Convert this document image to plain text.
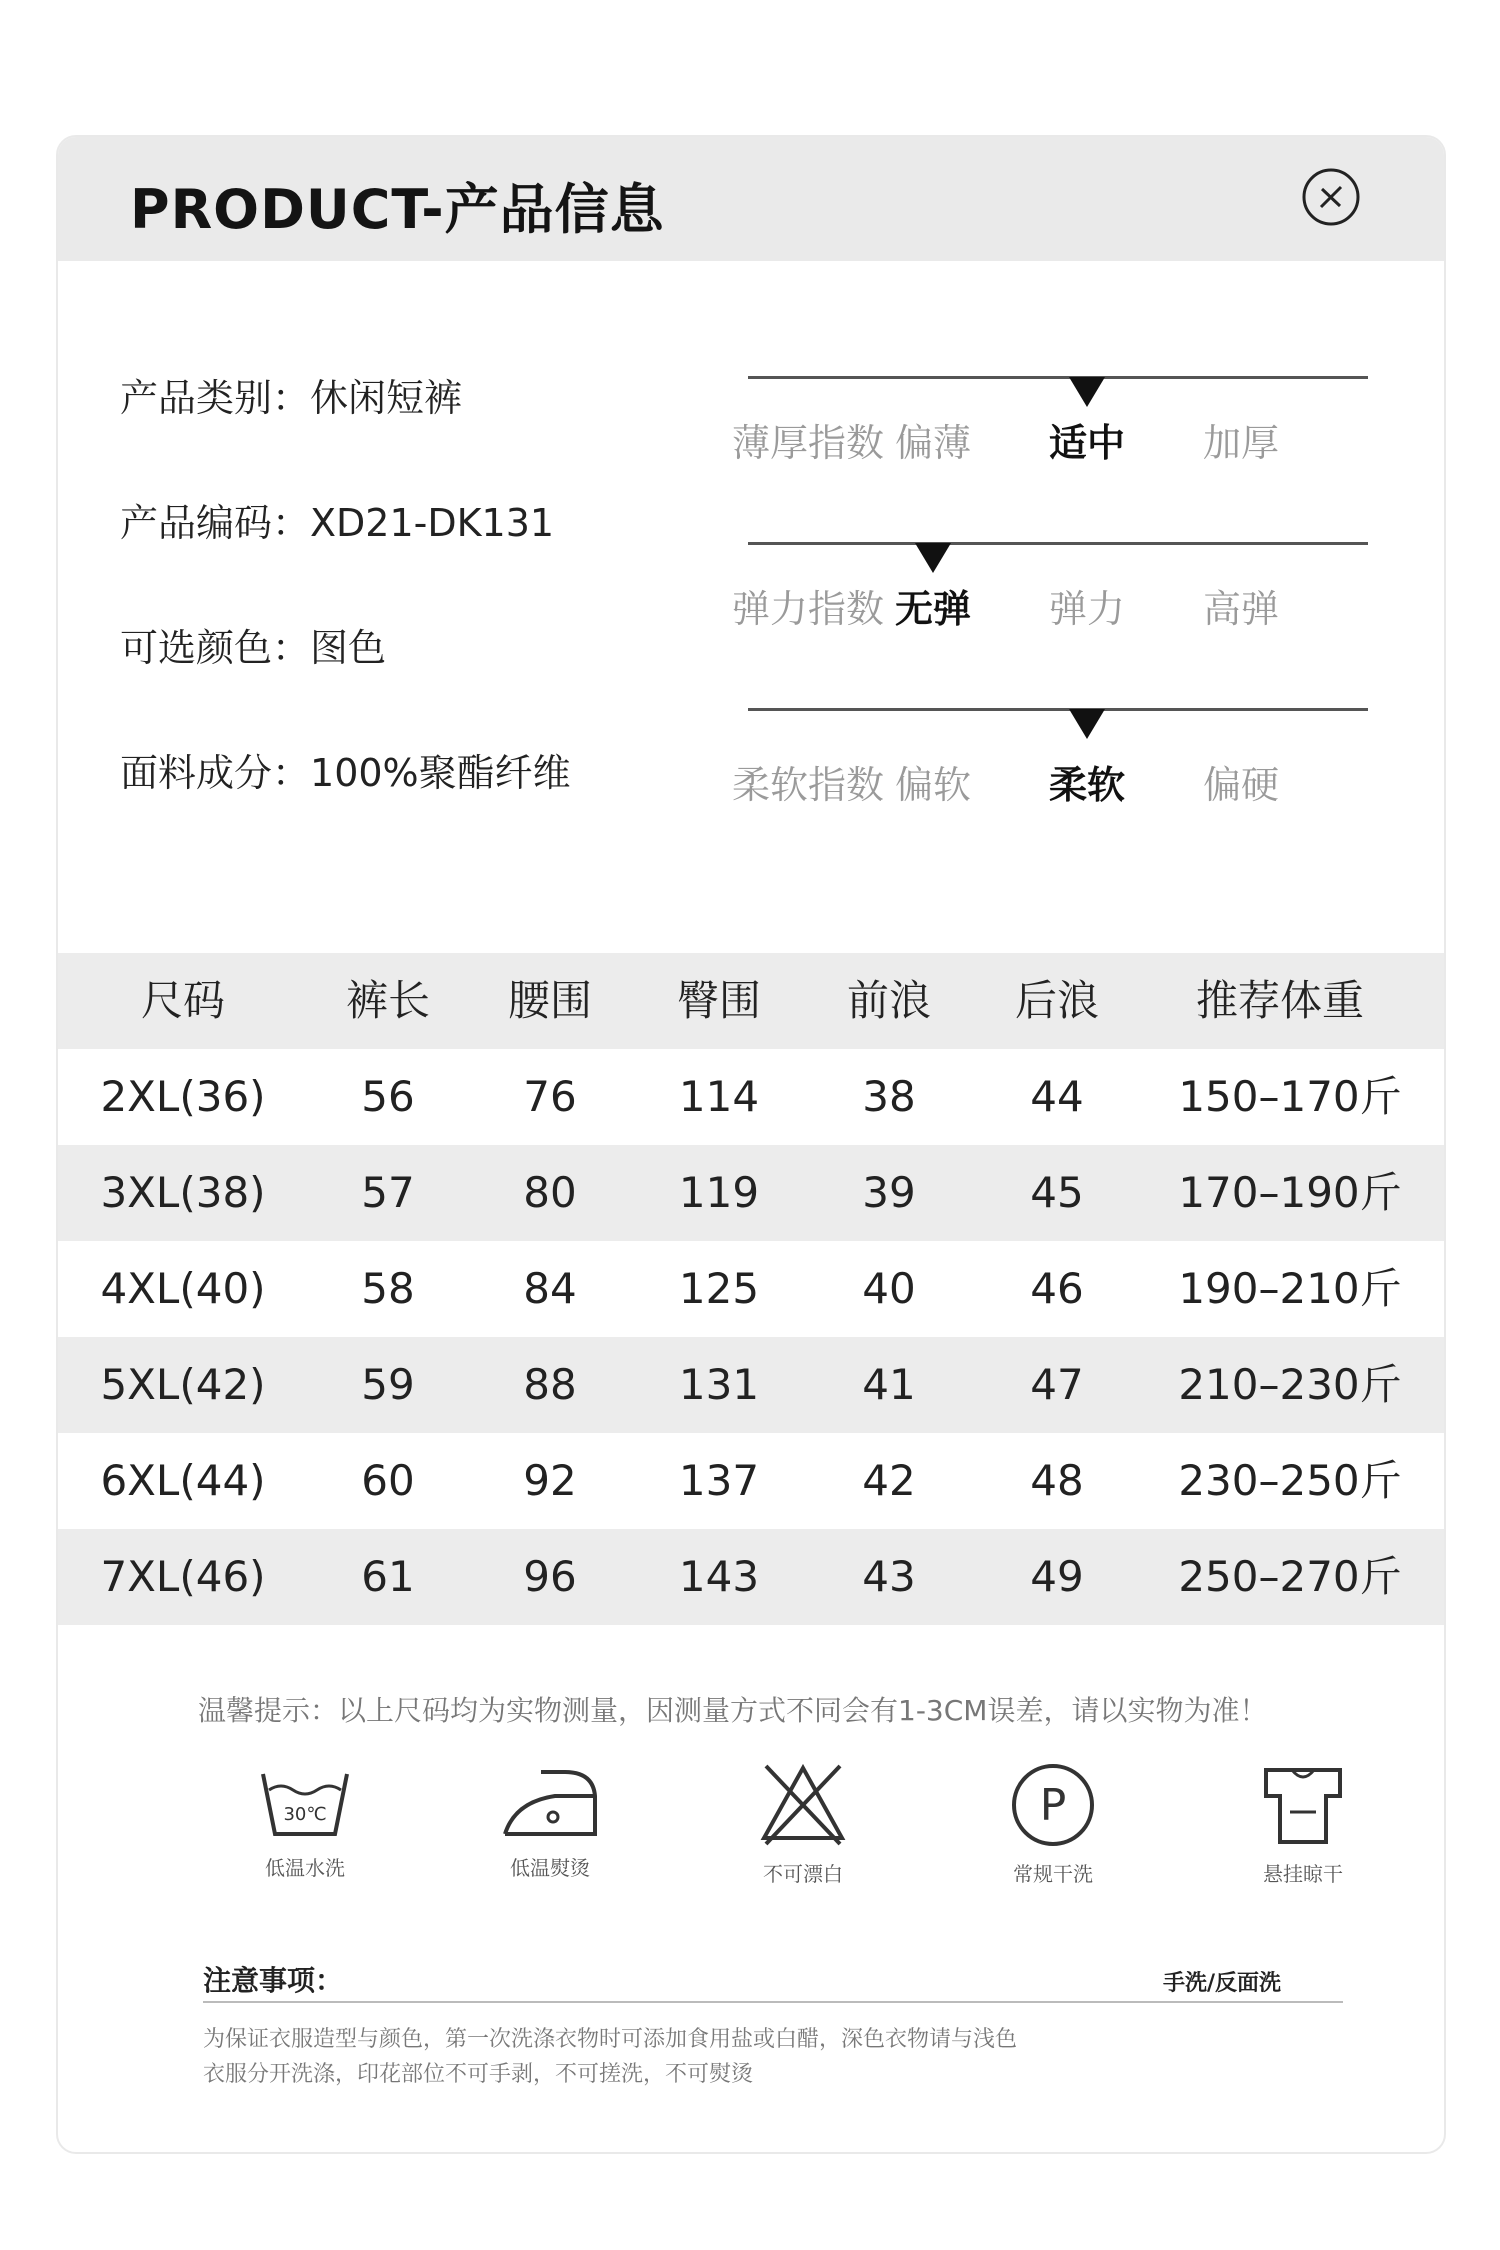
PRODUCT-产品信息
产品类别：休闲短裤
产品编码：XD21-DK131
可选颜色：图色
面料成分：100%聚酯纤维
薄厚指数 偏薄	适中	加厚
弹力指数 无弹	弹力	高弹
柔软指数 偏软	柔软	偏硬
尺码	裤长	腰围	臀围	前浪	后浪	推荐体重
2XL(36)	56	76	114	38	44	150–170斤
3XL(38)	57	80	119	39	45	170–190斤
4XL(40)	58	84	125	40	46	190–210斤
5XL(42)	59	88	131	41	47	210–230斤
6XL(44)	60	92	137	42	48	230–250斤
7XL(46)	61	96	143	43	49	250–270斤
温馨提示：以上尺码均为实物测量，因测量方式不同会有1-3CM误差，请以实物为准！
30℃
低温水洗	低温熨烫	不可漂白
P
常规干洗	悬挂晾干
注意事项：	手洗/反面洗
为保证衣服造型与颜色，第一次洗涤衣物时可添加食用盐或白醋，深色衣物请与浅色
衣服分开洗涤，印花部位不可手剥，不可搓洗，不可熨烫
